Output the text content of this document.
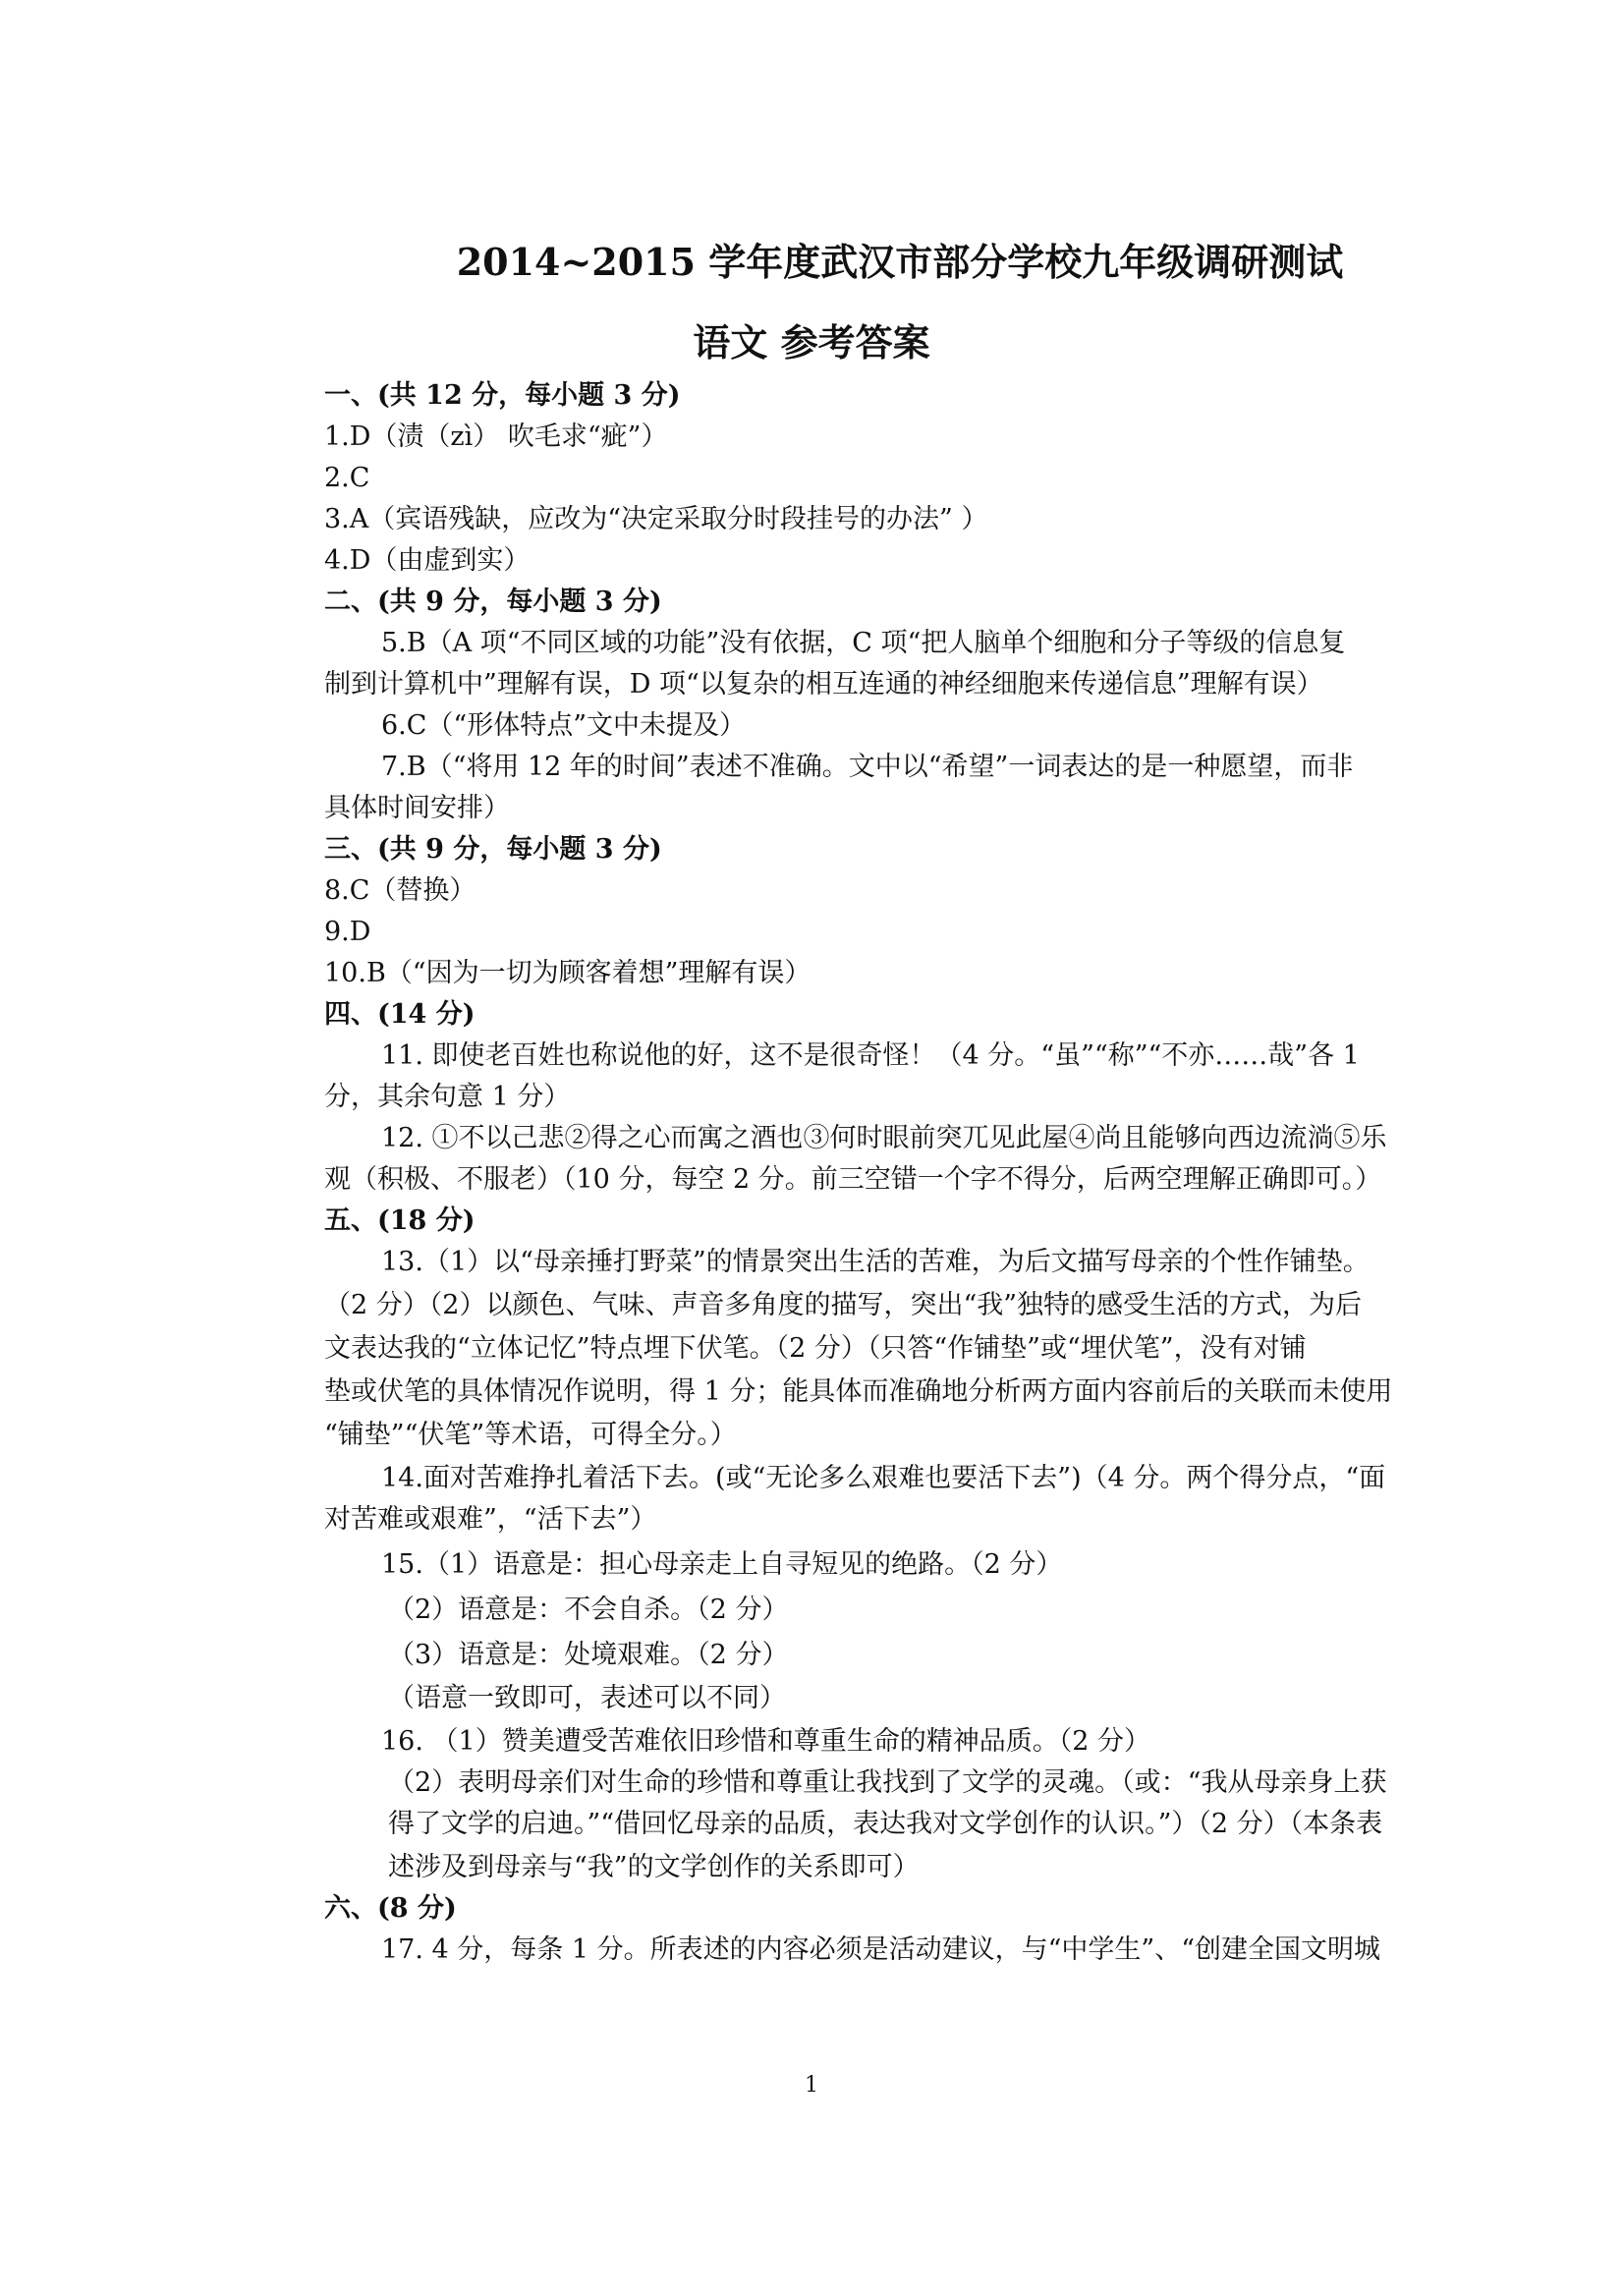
2014~2015 学年度武汉市部分学校九年级调研测试
语文 参考答案
一、(共 12 分，每小题 3 分)
1.D（渍（zì） 吹毛求“疵”）
2.C
3.A（宾语残缺，应改为“决定采取分时段挂号的办法” ）
4.D（由虚到实）
二、(共 9 分，每小题 3 分)
5.B（A 项“不同区域的功能”没有依据，C 项“把人脑单个细胞和分子等级的信息复
制到计算机中”理解有误，D 项“以复杂的相互连通的神经细胞来传递信息”理解有误）
6.C（“形体特点”文中未提及）
7.B（“将用 12 年的时间”表述不准确。文中以“希望”一词表达的是一种愿望，而非
具体时间安排）
三、(共 9 分，每小题 3 分)
8.C（替换）
9.D
10.B（“因为一切为顾客着想”理解有误）
四、(14 分)
11. 即使老百姓也称说他的好，这不是很奇怪！（4 分。“虽”“称”“不亦……哉”各 1
分，其余句意 1 分）
12. ①不以己悲②得之心而寓之酒也③何时眼前突兀见此屋④尚且能够向西边流淌⑤乐
观（积极、不服老）（10 分，每空 2 分。前三空错一个字不得分，后两空理解正确即可。）
五、(18 分)
13.（1）以“母亲捶打野菜”的情景突出生活的苦难，为后文描写母亲的个性作铺垫。
（2 分）（2）以颜色、气味、声音多角度的描写，突出“我”独特的感受生活的方式，为后
文表达我的“立体记忆”特点埋下伏笔。（2 分）（只答“作铺垫”或“埋伏笔”，没有对铺
垫或伏笔的具体情况作说明，得 1 分；能具体而准确地分析两方面内容前后的关联而未使用
“铺垫”“伏笔”等术语，可得全分。）
14.面对苦难挣扎着活下去。(或“无论多么艰难也要活下去”)（4 分。两个得分点，“面
对苦难或艰难”，“活下去”）
15.（1）语意是：担心母亲走上自寻短见的绝路。（2 分）
（2）语意是：不会自杀。（2 分）
（3）语意是：处境艰难。（2 分）
（语意一致即可，表述可以不同）
16. （1）赞美遭受苦难依旧珍惜和尊重生命的精神品质。（2 分）
（2）表明母亲们对生命的珍惜和尊重让我找到了文学的灵魂。（或：“我从母亲身上获
得了文学的启迪。”“借回忆母亲的品质，表达我对文学创作的认识。”）（2 分）（本条表
述涉及到母亲与“我”的文学创作的关系即可）
六、(8 分)
17. 4 分，每条 1 分。所表述的内容必须是活动建议，与“中学生”、“创建全国文明城
1
